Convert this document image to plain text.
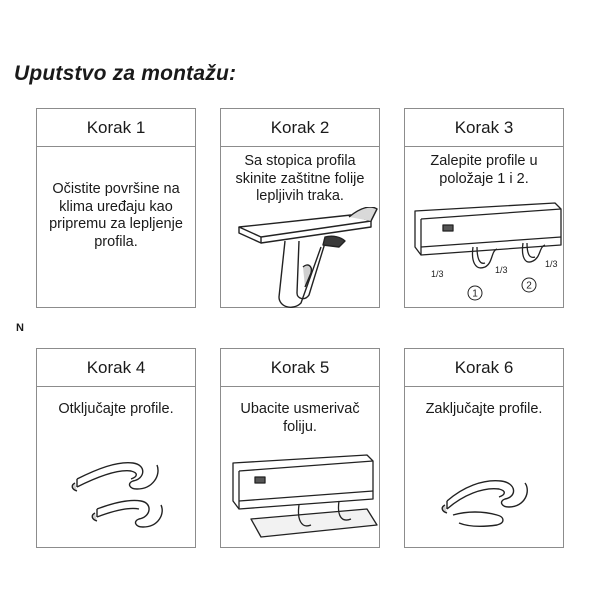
Uputstvo za montažu:
N
Korak 1
Očistite površine na klima uređaju kao pripremu za lepljenje profila.
Korak 2
Sa stopica profila skinite zaštitne folije lepljivih traka.
Korak 3
Zalepite profile u položaje 1 i 2.
1/3	1/3
1/3
1
2
Korak 4
Otključajte profile.
Korak 5
Ubacite usmerivač foliju.
Korak 6
Zaključajte profile.
